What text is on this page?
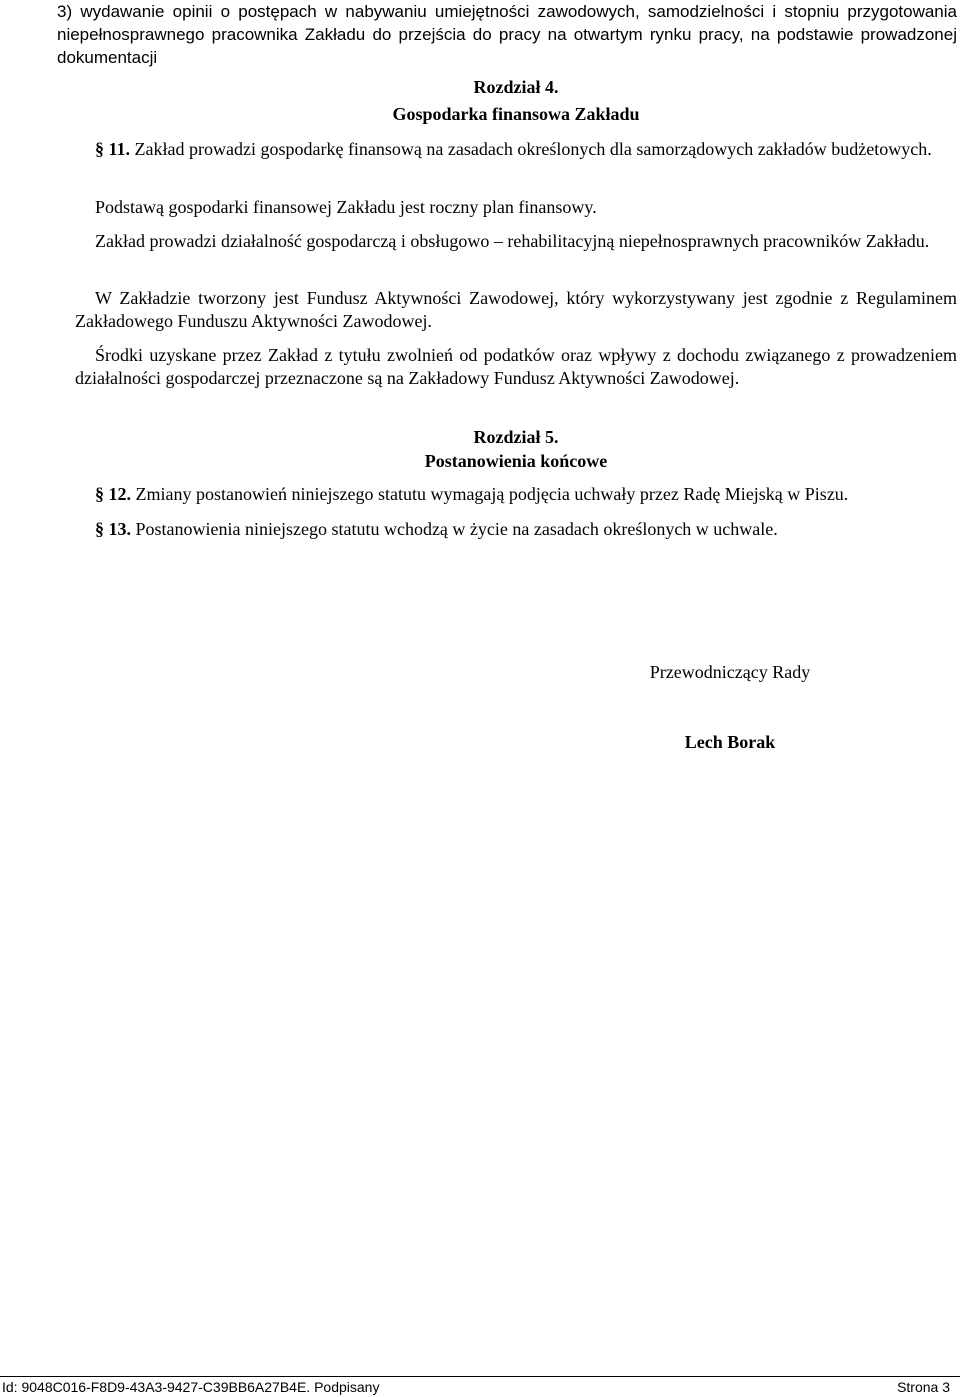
3) wydawanie opinii o postępach w nabywaniu umiejętności zawodowych, samodzielności i stopniu przygotowania niepełnosprawnego pracownika Zakładu do przejścia do pracy na otwartym rynku pracy, na podstawie prowadzonej dokumentacji

Rozdział 4.

Gospodarka finansowa Zakładu

§ 11. Zakład prowadzi gospodarkę finansową na zasadach określonych dla samorządowych zakładów budżetowych.

Podstawą gospodarki finansowej Zakładu jest roczny plan finansowy.

Zakład prowadzi działalność gospodarczą i obsługowo – rehabilitacyjną niepełnosprawnych pracowników Zakładu.

W Zakładzie tworzony jest Fundusz Aktywności Zawodowej, który wykorzystywany jest zgodnie z Regulaminem Zakładowego Funduszu Aktywności Zawodowej.

Środki uzyskane przez Zakład z tytułu zwolnień od podatków oraz wpływy z dochodu związanego z prowadzeniem działalności gospodarczej przeznaczone są na Zakładowy Fundusz Aktywności Zawodowej.

Rozdział 5.

Postanowienia końcowe

§ 12. Zmiany postanowień niniejszego statutu wymagają podjęcia uchwały przez Radę Miejską w Piszu.

§ 13. Postanowienia niniejszego statutu wchodzą w życie na zasadach określonych w uchwale.

Przewodniczący Rady

Lech Borak

Id: 9048C016-F8D9-43A3-9427-C39BB6A27B4E. Podpisany	Strona 3
